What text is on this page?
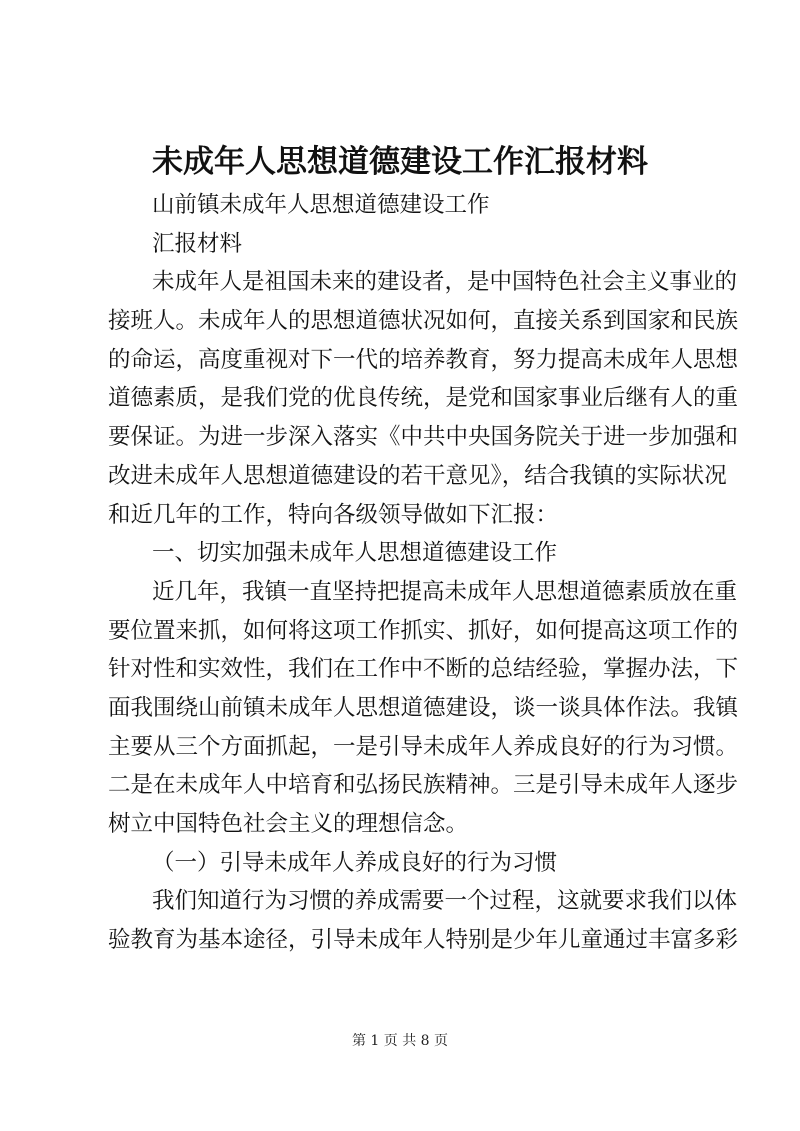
未成年人思想道德建设工作汇报材料
山前镇未成年人思想道德建设工作
汇报材料
未成年人是祖国未来的建设者，是中国特色社会主义事业的
接班人。未成年人的思想道德状况如何，直接关系到国家和民族
的命运，高度重视对下一代的培养教育，努力提高未成年人思想
道德素质，是我们党的优良传统，是党和国家事业后继有人的重
要保证。为进一步深入落实《中共中央国务院关于进一步加强和
改进未成年人思想道德建设的若干意见》，结合我镇的实际状况
和近几年的工作，特向各级领导做如下汇报：
一、切实加强未成年人思想道德建设工作
近几年，我镇一直坚持把提高未成年人思想道德素质放在重
要位置来抓，如何将这项工作抓实、抓好，如何提高这项工作的
针对性和实效性，我们在工作中不断的总结经验，掌握办法，下
面我围绕山前镇未成年人思想道德建设，谈一谈具体作法。我镇
主要从三个方面抓起，一是引导未成年人养成良好的行为习惯。
二是在未成年人中培育和弘扬民族精神。三是引导未成年人逐步
树立中国特色社会主义的理想信念。
（一）引导未成年人养成良好的行为习惯
我们知道行为习惯的养成需要一个过程，这就要求我们以体
验教育为基本途径，引导未成年人特别是少年儿童通过丰富多彩
第 1 页 共 8 页
